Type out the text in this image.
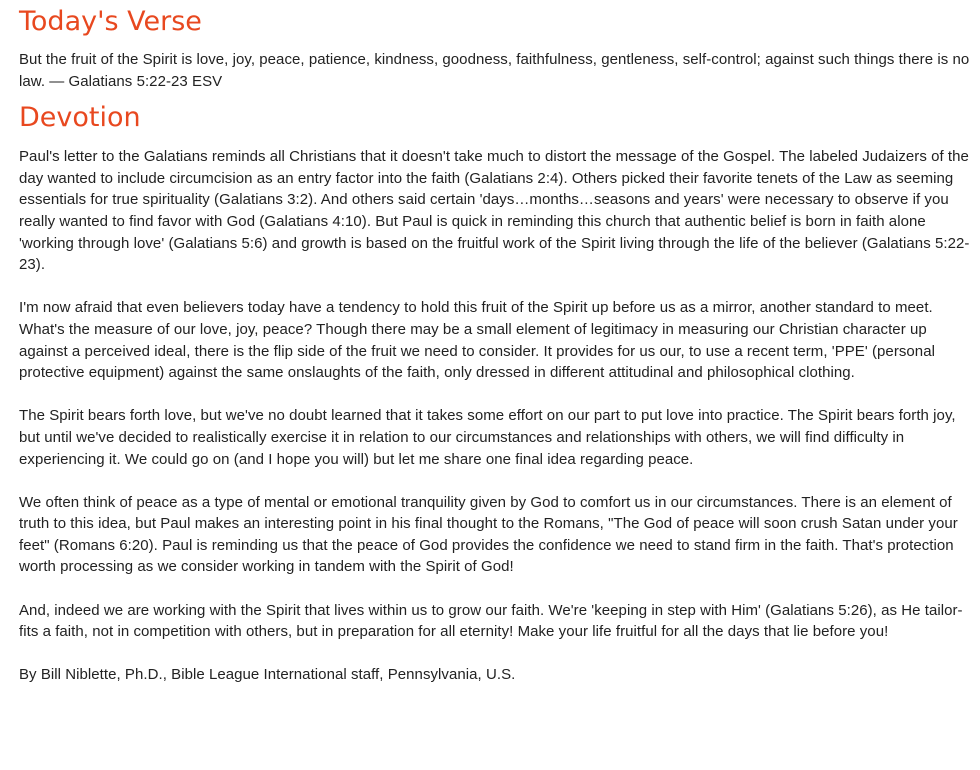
Today's Verse

But the fruit of the Spirit is love, joy, peace, patience, kindness, goodness, faithfulness, gentleness, self-control; against such things there is no law. — Galatians 5:22-23 ESV

Devotion

Paul's letter to the Galatians reminds all Christians that it doesn't take much to distort the message of the Gospel. The labeled Judaizers of the day wanted to include circumcision as an entry factor into the faith (Galatians 2:4). Others picked their favorite tenets of the Law as seeming essentials for true spirituality (Galatians 3:2). And others said certain 'days…months…seasons and years' were necessary to observe if you really wanted to find favor with God (Galatians 4:10). But Paul is quick in reminding this church that authentic belief is born in faith alone 'working through love' (Galatians 5:6) and growth is based on the fruitful work of the Spirit living through the life of the believer (Galatians 5:22-23).

I'm now afraid that even believers today have a tendency to hold this fruit of the Spirit up before us as a mirror, another standard to meet. What's the measure of our love, joy, peace? Though there may be a small element of legitimacy in measuring our Christian character up against a perceived ideal, there is the flip side of the fruit we need to consider. It provides for us our, to use a recent term, 'PPE' (personal protective equipment) against the same onslaughts of the faith, only dressed in different attitudinal and philosophical clothing.

The Spirit bears forth love, but we've no doubt learned that it takes some effort on our part to put love into practice. The Spirit bears forth joy, but until we've decided to realistically exercise it in relation to our circumstances and relationships with others, we will find difficulty in experiencing it. We could go on (and I hope you will) but let me share one final idea regarding peace.

We often think of peace as a type of mental or emotional tranquility given by God to comfort us in our circumstances. There is an element of truth to this idea, but Paul makes an interesting point in his final thought to the Romans, "The God of peace will soon crush Satan under your feet" (Romans 6:20). Paul is reminding us that the peace of God provides the confidence we need to stand firm in the faith. That's protection worth processing as we consider working in tandem with the Spirit of God!

And, indeed we are working with the Spirit that lives within us to grow our faith. We're 'keeping in step with Him' (Galatians 5:26), as He tailor-fits a faith, not in competition with others, but in preparation for all eternity! Make your life fruitful for all the days that lie before you!

By Bill Niblette, Ph.D., Bible League International staff, Pennsylvania, U.S.
